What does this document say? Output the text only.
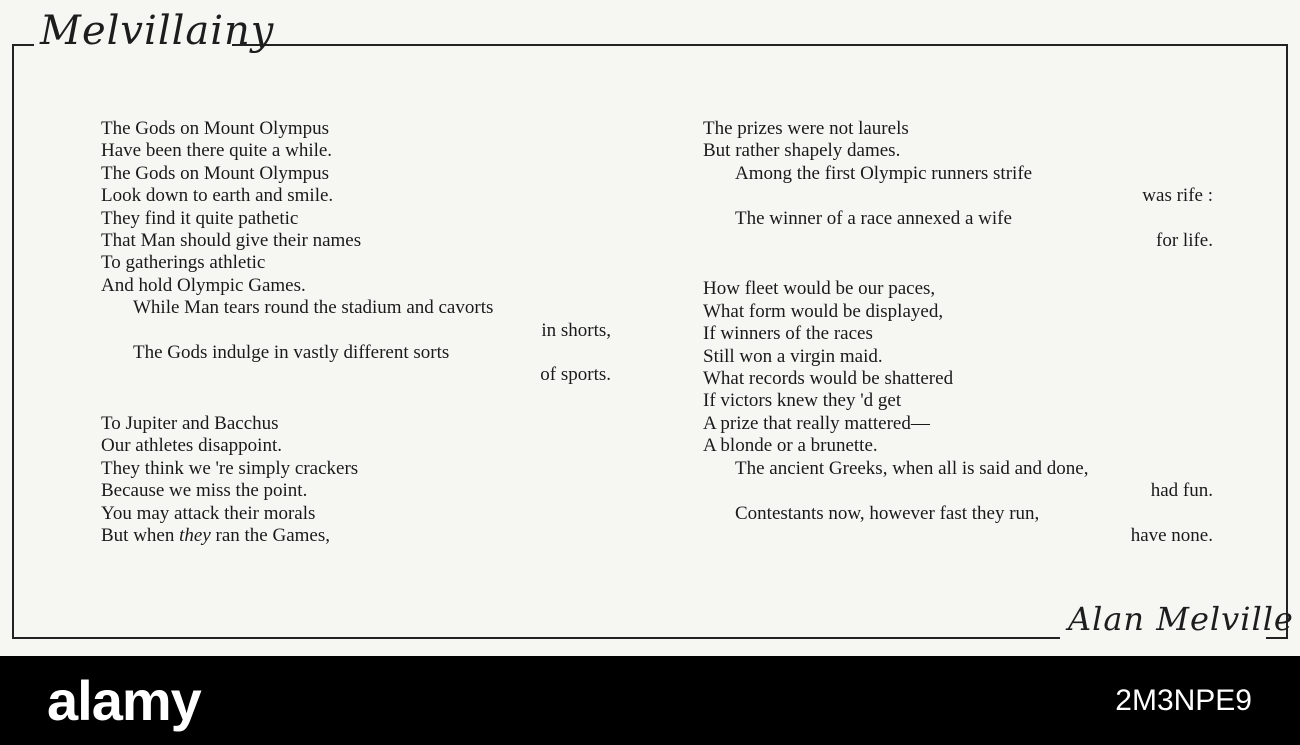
Melvillainy
The Gods on Mount Olympus
Have been there quite a while.
The Gods on Mount Olympus
Look down to earth and smile.
They find it quite pathetic
That Man should give their names
To gatherings athletic
And hold Olympic Games.
While Man tears round the stadium and cavorts
in shorts,
The Gods indulge in vastly different sorts
of sports.
To Jupiter and Bacchus
Our athletes disappoint.
They think we 're simply crackers
Because we miss the point.
You may attack their morals
But when they ran the Games,
The prizes were not laurels
But rather shapely dames.
Among the first Olympic runners strife
was rife :
The winner of a race annexed a wife
for life.
How fleet would be our paces,
What form would be displayed,
If winners of the races
Still won a virgin maid.
What records would be shattered
If victors knew they 'd get
A prize that really mattered—
A blonde or a brunette.
The ancient Greeks, when all is said and done,
had fun.
Contestants now, however fast they run,
have none.
Alan Melville
alamy	2M3NPE9
